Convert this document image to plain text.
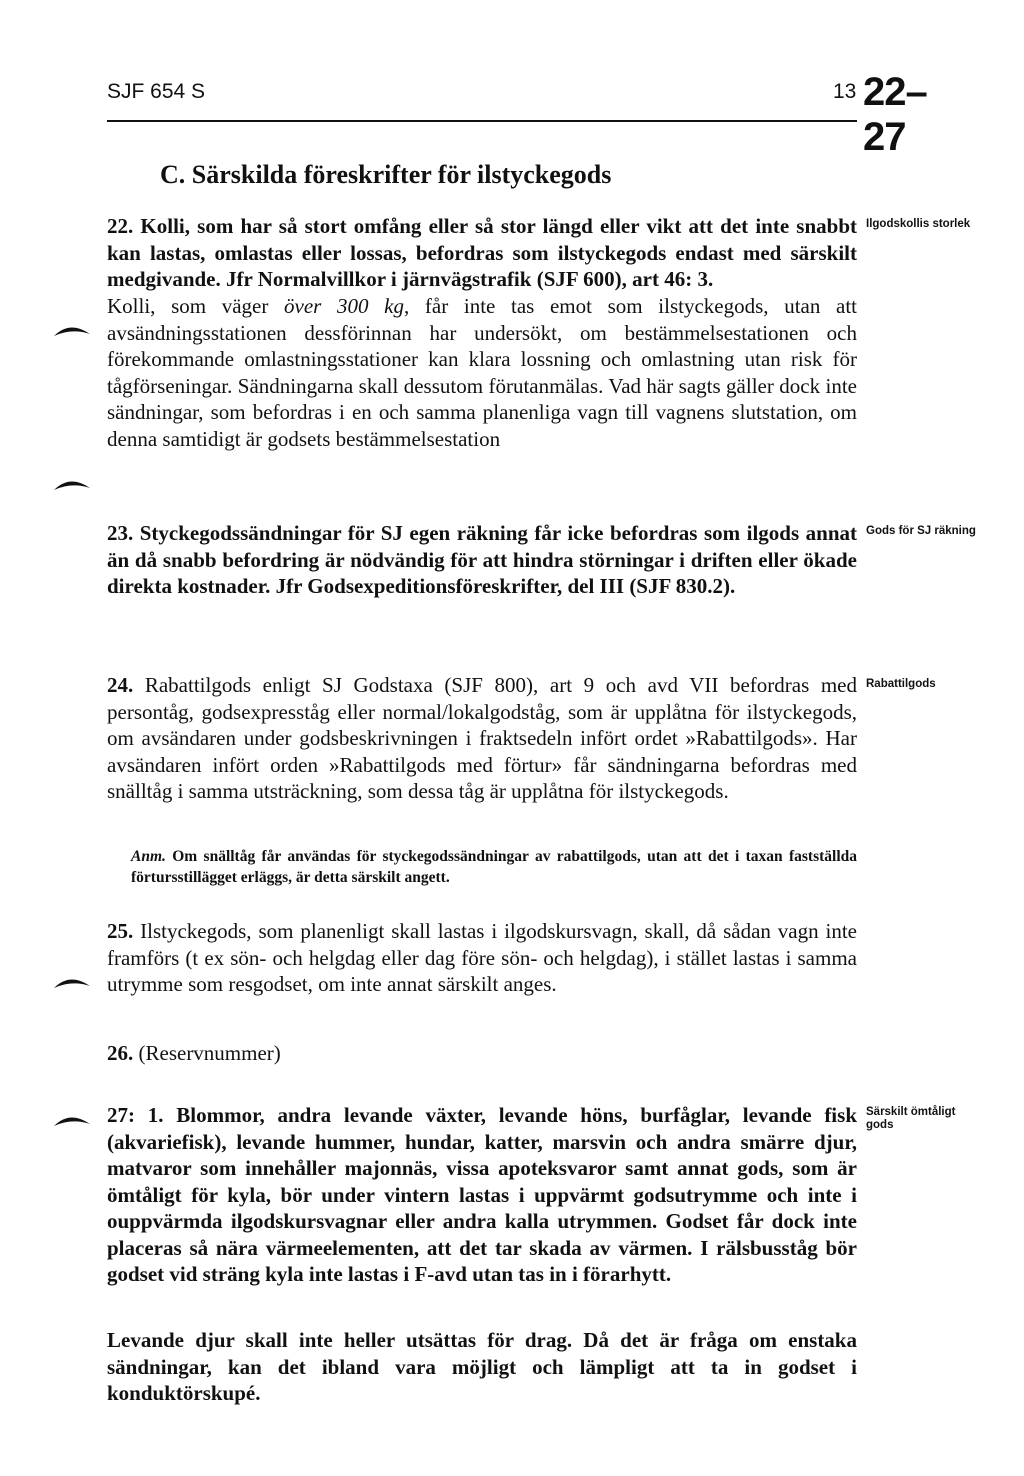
SJF 654 S	13 22–27
C. Särskilda föreskrifter för ilstyckegods
22. Kolli, som har så stort omfång eller så stor längd eller vikt att det inte snabbt kan lastas, omlastas eller lossas, befordras som ilstyckegods endast med särskilt medgivande. Jfr Normalvillkor i järnvägstrafik (SJF 600), art 46: 3.
Kolli, som väger över 300 kg, får inte tas emot som ilstyckegods, utan att avsändningsstationen dessförinnan har undersökt, om bestämmelsestationen och förekommande omlastningsstationer kan klara lossning och omlastning utan risk för tågförseningar. Sändningarna skall dessutom förutanmälas. Vad här sagts gäller dock inte sändningar, som befordras i en och samma planenliga vagn till vagnens slutstation, om denna samtidigt är godsets bestämmelsestation
Ilgodskollis storlek
23. Styckegodssändningar för SJ egen räkning får icke befordras som ilgods annat än då snabb befordring är nödvändig för att hindra störningar i driften eller ökade direkta kostnader. Jfr Godsexpeditionsföreskrifter, del III (SJF 830.2).
Gods för SJ räkning
24. Rabattilgods enligt SJ Godstaxa (SJF 800), art 9 och avd VII befordras med persontåg, godsexpresståg eller normal/lokalgodståg, som är upplåtna för ilstyckegods, om avsändaren under godsbeskrivningen i fraktsedeln infört ordet »Rabattilgods». Har avsändaren infört orden »Rabattilgods med förtur» får sändningarna befordras med snälltåg i samma utsträckning, som dessa tåg är upplåtna för ilstyckegods.
Rabattilgods
Anm. Om snälltåg får användas för styckegodssändningar av rabattilgods, utan att det i taxan fastställda förtursstillägget erläggs, är detta särskilt angett.
25. Ilstyckegods, som planenligt skall lastas i ilgodskursvagn, skall, då sådan vagn inte framförs (t ex sön- och helgdag eller dag före sön- och helgdag), i stället lastas i samma utrymme som resgodset, om inte annat särskilt anges.
26. (Reservnummer)
27: 1. Blommor, andra levande växter, levande höns, burfåglar, levande fisk (akvariefisk), levande hummer, hundar, katter, marsvin och andra smärre djur, matvaror som innehåller majonnäs, vissa apoteksvaror samt annat gods, som är ömtåligt för kyla, bör under vintern lastas i uppvärmt godsutrymme och inte i ouppvärmda ilgodskursvagnar eller andra kalla utrymmen. Godset får dock inte placeras så nära värmeelementen, att det tar skada av värmen. I rälsbusståg bör godset vid sträng kyla inte lastas i F-avd utan tas in i förarhytt.
Levande djur skall inte heller utsättas för drag. Då det är fråga om enstaka sändningar, kan det ibland vara möjligt och lämpligt att ta in godset i konduktörskupé.
Särskilt ömtåligt gods
